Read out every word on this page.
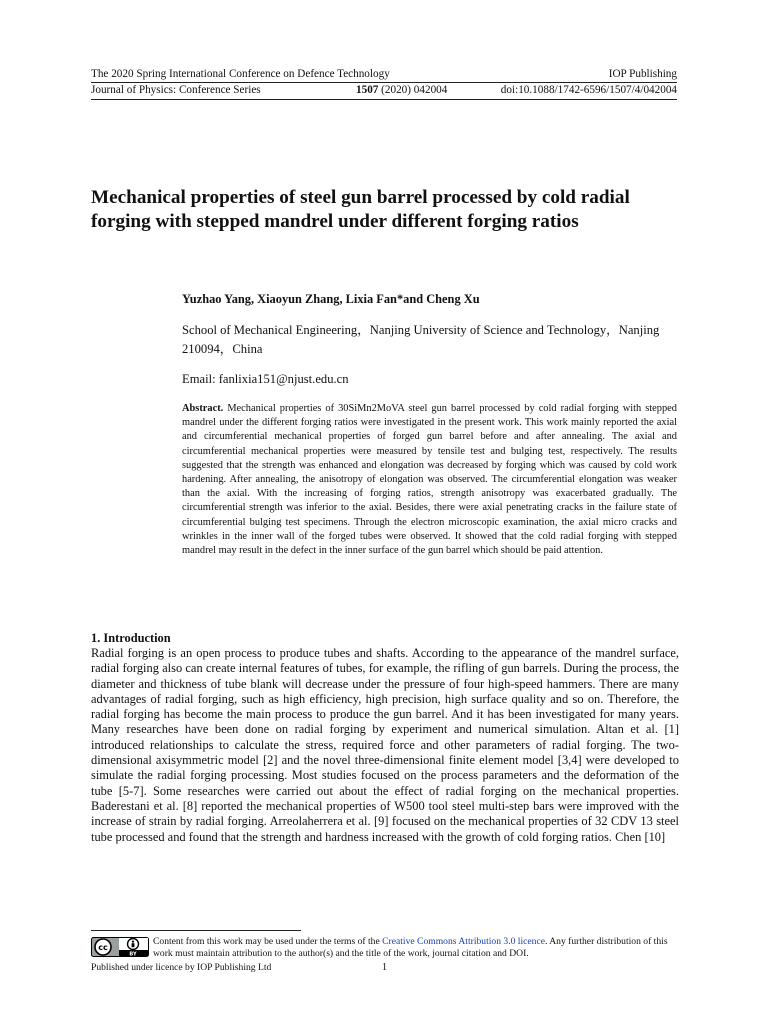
The 2020 Spring International Conference on Defence Technology	IOP Publishing
Journal of Physics: Conference Series	1507 (2020) 042004	doi:10.1088/1742-6596/1507/4/042004
Mechanical properties of steel gun barrel processed by cold radial forging with stepped mandrel under different forging ratios
Yuzhao Yang, Xiaoyun Zhang, Lixia Fan*and Cheng Xu
School of Mechanical Engineering，Nanjing University of Science and Technology，Nanjing 210094，China
Email: fanlixia151@njust.edu.cn
Abstract. Mechanical properties of 30SiMn2MoVA steel gun barrel processed by cold radial forging with stepped mandrel under the different forging ratios were investigated in the present work. This work mainly reported the axial and circumferential mechanical properties of forged gun barrel before and after annealing. The axial and circumferential mechanical properties were measured by tensile test and bulging test, respectively. The results suggested that the strength was enhanced and elongation was decreased by forging which was caused by cold work hardening. After annealing, the anisotropy of elongation was observed. The circumferential elongation was weaker than the axial. With the increasing of forging ratios, strength anisotropy was exacerbated gradually. The circumferential strength was inferior to the axial. Besides, there were axial penetrating cracks in the failure state of circumferential bulging test specimens. Through the electron microscopic examination, the axial micro cracks and wrinkles in the inner wall of the forged tubes were observed. It showed that the cold radial forging with stepped mandrel may result in the defect in the inner surface of the gun barrel which should be paid attention.
1. Introduction
Radial forging is an open process to produce tubes and shafts. According to the appearance of the mandrel surface, radial forging also can create internal features of tubes, for example, the rifling of gun barrels. During the process, the diameter and thickness of tube blank will decrease under the pressure of four high-speed hammers. There are many advantages of radial forging, such as high efficiency, high precision, high surface quality and so on. Therefore, the radial forging has become the main process to produce the gun barrel. And it has been investigated for many years. Many researches have been done on radial forging by experiment and numerical simulation. Altan et al. [1] introduced relationships to calculate the stress, required force and other parameters of radial forging. The two-dimensional axisymmetric model [2] and the novel three-dimensional finite element model [3,4] were developed to simulate the radial forging processing. Most studies focused on the process parameters and the deformation of the tube [5-7]. Some researches were carried out about the effect of radial forging on the mechanical properties. Baderestani et al. [8] reported the mechanical properties of W500 tool steel multi-step bars were improved with the increase of strain by radial forging. Arreolaherrera et al. [9] focused on the mechanical properties of 32 CDV 13 steel tube processed and found that the strength and hardness increased with the growth of cold forging ratios. Chen [10]
cc
BY
Content from this work may be used under the terms of the Creative Commons Attribution 3.0 licence. Any further distribution of this work must maintain attribution to the author(s) and the title of the work, journal citation and DOI.
Published under licence by IOP Publishing Ltd	1
